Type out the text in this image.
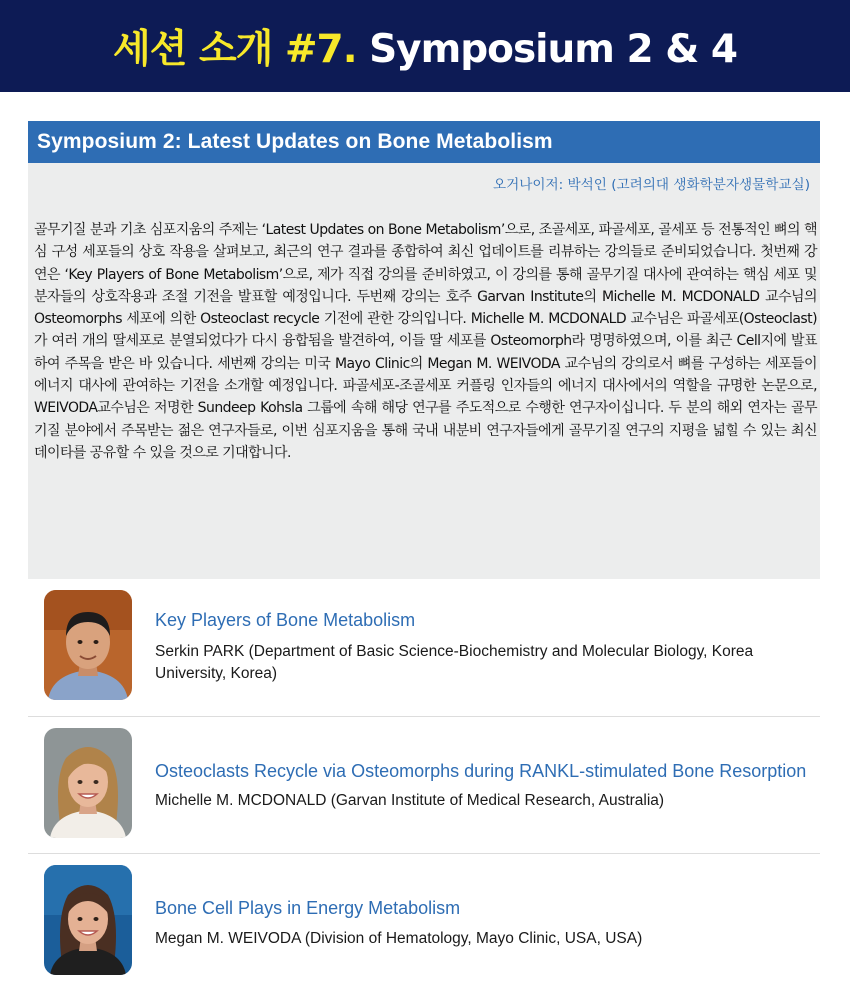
세션 소개 #7. Symposium 2 & 4
Symposium 2: Latest Updates on Bone Metabolism
오거나이저: 박석인 (고려의대 생화학분자생물학교실)

골무기질 분과 기초 심포지움의 주제는 ‘Latest Updates on Bone Metabolism’으로, 조골세포, 파골세포, 골세포 등 전통적인 뼈의 핵심 구성 세포들의 상호 작용을 살펴보고, 최근의 연구 결과를 종합하여 최신 업데이트를 리뷰하는 강의들로 준비되었습니다. 첫번째 강연은 ‘Key Players of Bone Metabolism’으로, 제가 직접 강의를 준비하였고, 이 강의를 통해 골무기질 대사에 관여하는 핵심 세포 및 분자들의 상호작용과 조절 기전을 발표할 예정입니다. 두번째 강의는 호주 Garvan Institute의 Michelle M. MCDONALD 교수님의 Osteomorphs 세포에 의한 Osteoclast recycle 기전에 관한 강의입니다. Michelle M. MCDONALD 교수님은 파골세포(Osteoclast)가 여러 개의 딸세포로 분열되었다가 다시 융합됨을 발견하여, 이들 딸 세포를 Osteomorph라 명명하였으며, 이를 최근 Cell지에 발표하여 주목을 받은 바 있습니다. 세번째 강의는 미국 Mayo Clinic의 Megan M. WEIVODA 교수님의 강의로서 뼈를 구성하는 세포들이 에너지 대사에 관여하는 기전을 소개할 예정입니다. 파골세포-조골세포 커플링 인자들의 에너지 대사에서의 역할을 규명한 논문으로, WEIVODA교수님은 저명한 Sundeep Kohsla 그룹에 속해 해당 연구를 주도적으로 수행한 연구자이십니다. 두 분의 해외 연자는 골무기질 분야에서 주목받는 젊은 연구자들로, 이번 심포지움을 통해 국내 내분비 연구자들에게 골무기질 연구의 지평을 넓힐 수 있는 최신 데이타를 공유할 수 있을 것으로 기대합니다.

Key Players of Bone Metabolism
Serkin PARK (Department of Basic Science-Biochemistry and Molecular Biology, Korea University, Korea)
Osteoclasts Recycle via Osteomorphs during RANKL-stimulated Bone Resorption
Michelle M. MCDONALD (Garvan Institute of Medical Research, Australia)
Bone Cell Plays in Energy Metabolism
Megan M. WEIVODA (Division of Hematology, Mayo Clinic, USA, USA)
